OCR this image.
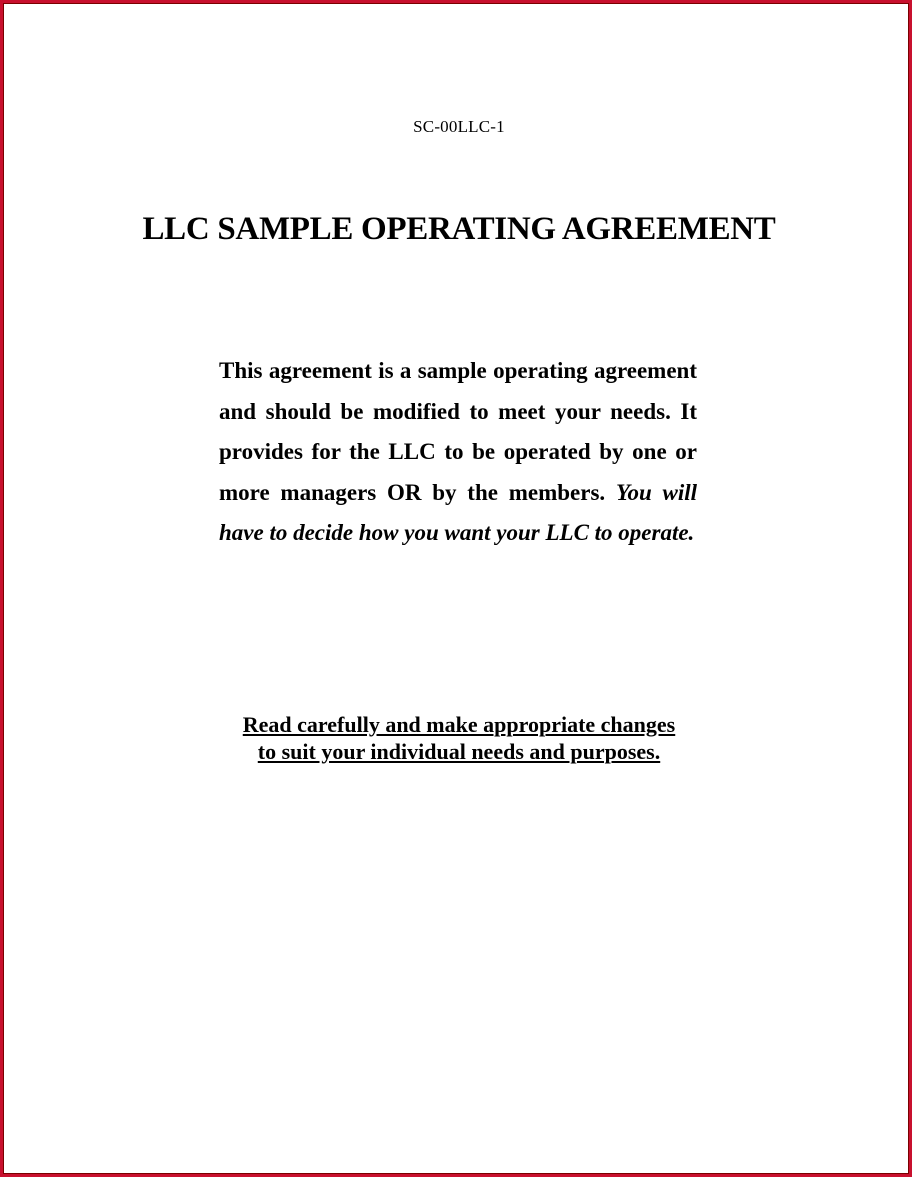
SC-00LLC-1
LLC SAMPLE OPERATING AGREEMENT

This agreement is a sample operating agreement and should be modified to meet your needs. It provides for the LLC to be operated by one or more managers OR by the members. You will have to decide how you want your LLC to operate.

Read carefully and make appropriate changes
to suit your individual needs and purposes.
